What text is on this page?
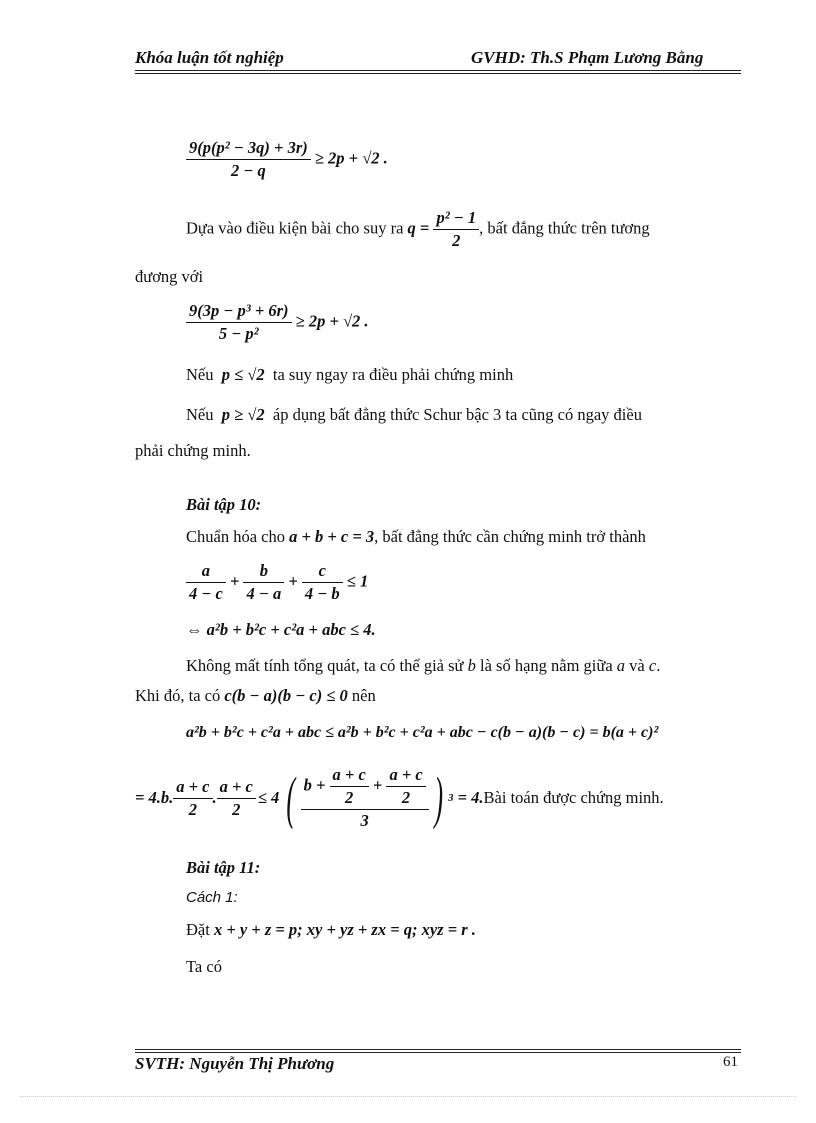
Khóa luận tốt nghiệp	GVHD: Th.S Phạm Lương Bằng
$\frac{\text{9(p(p² − 3q) + 3r)}}{2 - q} \ge 2p + √2$ .
Dựa vào điều kiện bài cho suy ra $q = \frac{\text{p² − 1}}{2}$ , bất đẳng thức trên tương
đương với
$\frac{\text{9(3p − p³ + 6r)}}{\text{5 − p²}} \ge 2p + √2$ .
Nếu p ≤ √2 ta suy ngay ra điều phải chứng minh
Nếu p ≥ √2 áp dụng bất đẳng thức Schur bậc 3 ta cũng có ngay điều
phải chứng minh.
Bài tập 10:
Chuẩn hóa cho a + b + c = 3, bất đẳng thức cần chứng minh trở thành
$\frac{a}{4 - c} + \frac{b}{4 - a} + \frac{c}{4 - b} \le 1$
⇔ a²b + b²c + c²a + abc ≤ 4.
Không mất tính tổng quát, ta có thể giả sử b là số hạng nằm giữa a và c.
Khi đó, ta có c(b − a)(b − c) ≤ 0 nên
a²b + b²c + c²a + abc ≤ a²b + b²c + c²a + abc − c(b − a)(b − c) = b(a + c)²
= 4.b. $\frac{a + c}{2}$ . $\frac{a + c}{2} \le 4$ ( $\frac{b + \frac{a + c}{2} + \frac{a + c}{2}}{3}$ ) 3
= 4. Bài toán được chứng minh.
Bài tập 11:
Cách 1:
Đặt x + y + z = p; xy + yz + zx = q; xyz = r .
Ta có
SVTH: Nguyễn Thị Phương	61
